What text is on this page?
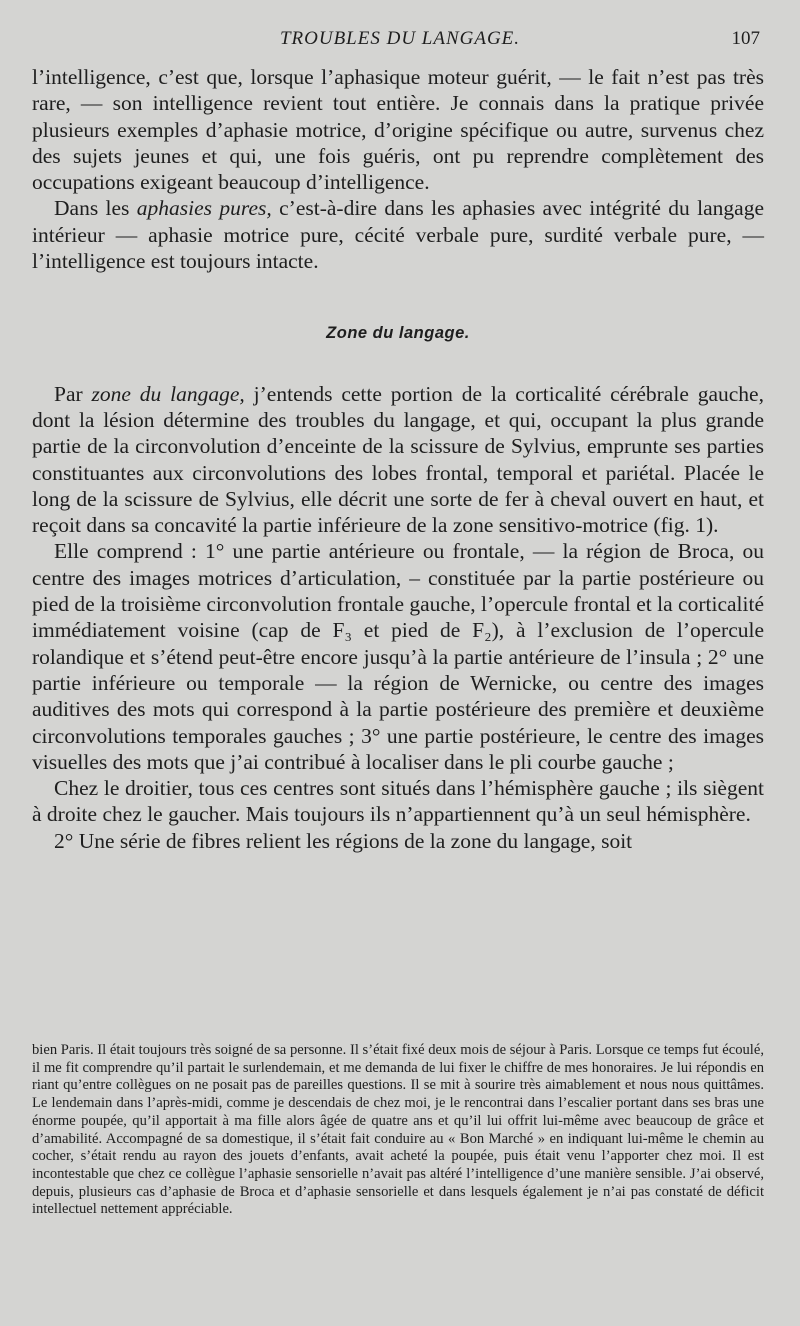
TROUBLES DU LANGAGE.	107

l’intelligence, c’est que, lorsque l’aphasique moteur guérit, — le fait n’est pas très rare, — son intelligence revient tout entière. Je connais dans la pratique privée plusieurs exemples d’aphasie motrice, d’origine spécifique ou autre, survenus chez des sujets jeunes et qui, une fois guéris, ont pu reprendre complètement des occupations exigeant beaucoup d’intelligence.

Dans les aphasies pures, c’est-à-dire dans les aphasies avec intégrité du langage intérieur — aphasie motrice pure, cécité verbale pure, surdité verbale pure, — l’intelligence est toujours intacte.

Zone du langage.

Par zone du langage, j’entends cette portion de la corticalité cérébrale gauche, dont la lésion détermine des troubles du langage, et qui, occupant la plus grande partie de la circonvolution d’enceinte de la scissure de Sylvius, emprunte ses parties constituantes aux circonvolutions des lobes frontal, temporal et pariétal. Placée le long de la scissure de Sylvius, elle décrit une sorte de fer à cheval ouvert en haut, et reçoit dans sa concavité la partie inférieure de la zone sensitivo-motrice (fig. 1).

Elle comprend : 1° une partie antérieure ou frontale, — la région de Broca, ou centre des images motrices d’articulation, – constituée par la partie postérieure ou pied de la troisième circonvolution frontale gauche, l’opercule frontal et la corticalité immédiatement voisine (cap de F₃ et pied de F₂), à l’exclusion de l’opercule rolandique et s’étend peut-être encore jusqu’à la partie antérieure de l’insula ; 2° une partie inférieure ou temporale — la région de Wernicke, ou centre des images auditives des mots qui correspond à la partie postérieure des première et deuxième circonvolutions temporales gauches ; 3° une partie postérieure, le centre des images visuelles des mots que j’ai contribué à localiser dans le pli courbe gauche ;

Chez le droitier, tous ces centres sont situés dans l’hémisphère gauche ; ils siègent à droite chez le gaucher. Mais toujours ils n’appartiennent qu’à un seul hémisphère.

2° Une série de fibres relient les régions de la zone du langage, soit

bien Paris. Il était toujours très soigné de sa personne. Il s’était fixé deux mois de séjour à Paris. Lorsque ce temps fut écoulé, il me fit comprendre qu’il partait le surlendemain, et me demanda de lui fixer le chiffre de mes honoraires. Je lui répondis en riant qu’entre collègues on ne posait pas de pareilles questions. Il se mit à sourire très aimablement et nous nous quittâmes. Le lendemain dans l’après-midi, comme je descendais de chez moi, je le rencontrai dans l’escalier portant dans ses bras une énorme poupée, qu’il apportait à ma fille alors âgée de quatre ans et qu’il lui offrit lui-même avec beaucoup de grâce et d’amabilité. Accompagné de sa domestique, il s’était fait conduire au « Bon Marché » en indiquant lui-même le chemin au cocher, s’était rendu au rayon des jouets d’enfants, avait acheté la poupée, puis était venu l’apporter chez moi. Il est incontestable que chez ce collègue l’aphasie sensorielle n’avait pas altéré l’intelligence d’une manière sensible. J’ai observé, depuis, plusieurs cas d’aphasie de Broca et d’aphasie sensorielle et dans lesquels également je n’ai pas constaté de déficit intellectuel nettement appréciable.
